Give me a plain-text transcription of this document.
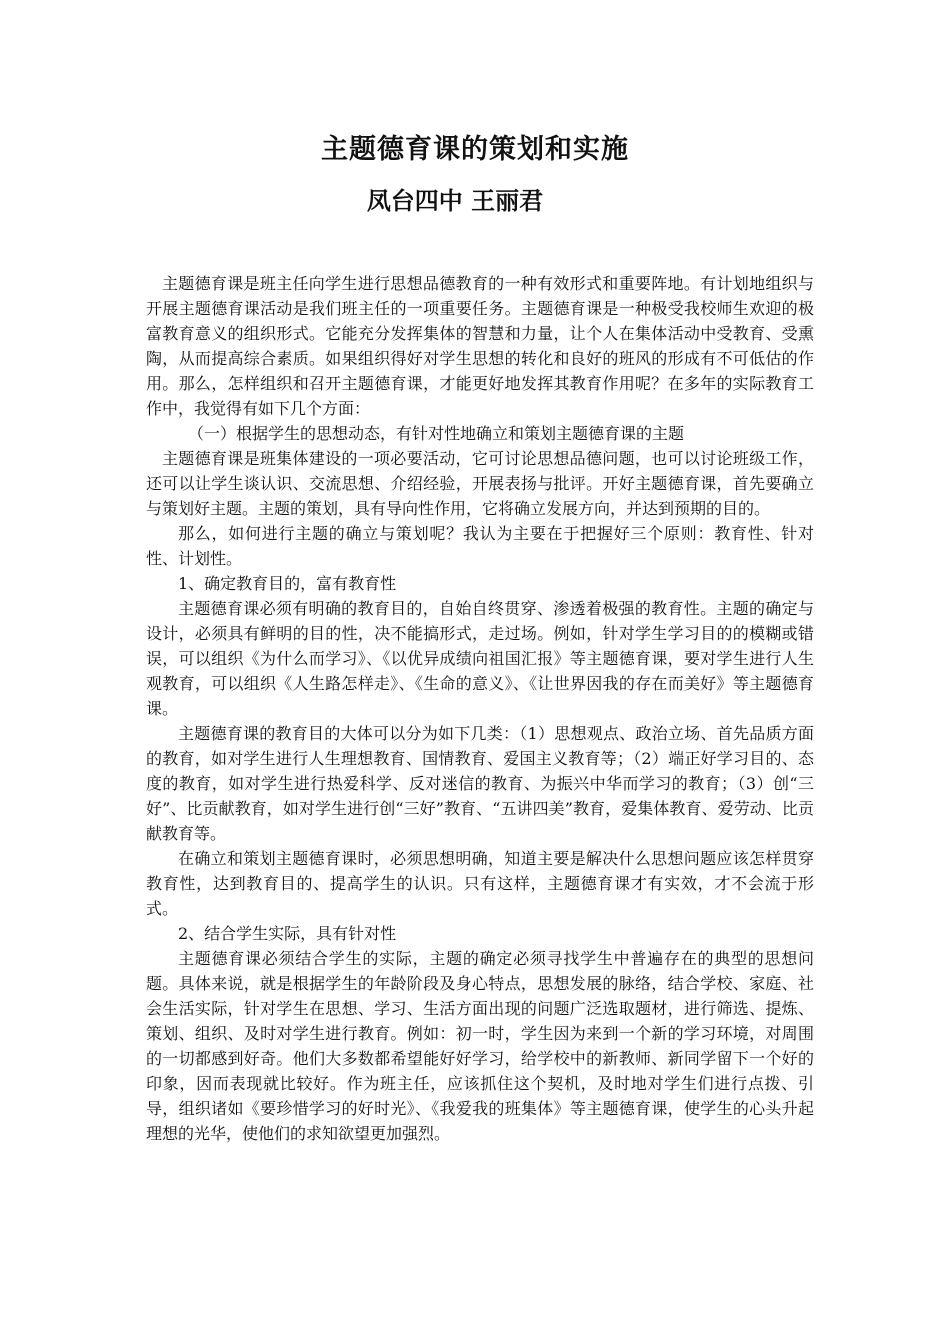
主题德育课的策划和实施
凤台四中 王丽君

主题德育课是班主任向学生进行思想品德教育的一种有效形式和重要阵地。有计划地组织与开展主题德育课活动是我们班主任的一项重要任务。主题德育课是一种极受我校师生欢迎的极富教育意义的组织形式。它能充分发挥集体的智慧和力量，让个人在集体活动中受教育、受熏陶，从而提高综合素质。如果组织得好对学生思想的转化和良好的班风的形成有不可低估的作用。那么，怎样组织和召开主题德育课，才能更好地发挥其教育作用呢？在多年的实际教育工作中，我觉得有如下几个方面：

（一）根据学生的思想动态，有针对性地确立和策划主题德育课的主题

主题德育课是班集体建设的一项必要活动，它可讨论思想品德问题，也可以讨论班级工作，还可以让学生谈认识、交流思想、介绍经验，开展表扬与批评。开好主题德育课，首先要确立与策划好主题。主题的策划，具有导向性作用，它将确立发展方向，并达到预期的目的。

那么，如何进行主题的确立与策划呢？我认为主要在于把握好三个原则：教育性、针对性、计划性。

1、确定教育目的，富有教育性

主题德育课必须有明确的教育目的，自始自终贯穿、渗透着极强的教育性。主题的确定与设计，必须具有鲜明的目的性，决不能搞形式，走过场。例如，针对学生学习目的的模糊或错误，可以组织《为什么而学习》、《以优异成绩向祖国汇报》等主题德育课，要对学生进行人生观教育，可以组织《人生路怎样走》、《生命的意义》、《让世界因我的存在而美好》等主题德育课。

主题德育课的教育目的大体可以分为如下几类：（1）思想观点、政治立场、首先品质方面的教育，如对学生进行人生理想教育、国情教育、爱国主义教育等；（2）端正好学习目的、态度的教育，如对学生进行热爱科学、反对迷信的教育、为振兴中华而学习的教育；（3）创“三好”、比贡献教育，如对学生进行创“三好”教育、“五讲四美”教育，爱集体教育、爱劳动、比贡献教育等。

在确立和策划主题德育课时，必须思想明确，知道主要是解决什么思想问题应该怎样贯穿教育性，达到教育目的、提高学生的认识。只有这样，主题德育课才有实效，才不会流于形式。

2、结合学生实际，具有针对性

主题德育课必须结合学生的实际，主题的确定必须寻找学生中普遍存在的典型的思想问题。具体来说，就是根据学生的年龄阶段及身心特点，思想发展的脉络，结合学校、家庭、社会生活实际，针对学生在思想、学习、生活方面出现的问题广泛选取题材，进行筛选、提炼、策划、组织、及时对学生进行教育。例如：初一时，学生因为来到一个新的学习环境，对周围的一切都感到好奇。他们大多数都希望能好好学习，给学校中的新教师、新同学留下一个好的印象，因而表现就比较好。作为班主任，应该抓住这个契机，及时地对学生们进行点拨、引导，组织诸如《要珍惜学习的好时光》、《我爱我的班集体》等主题德育课，使学生的心头升起理想的光华，使他们的求知欲望更加强烈。
